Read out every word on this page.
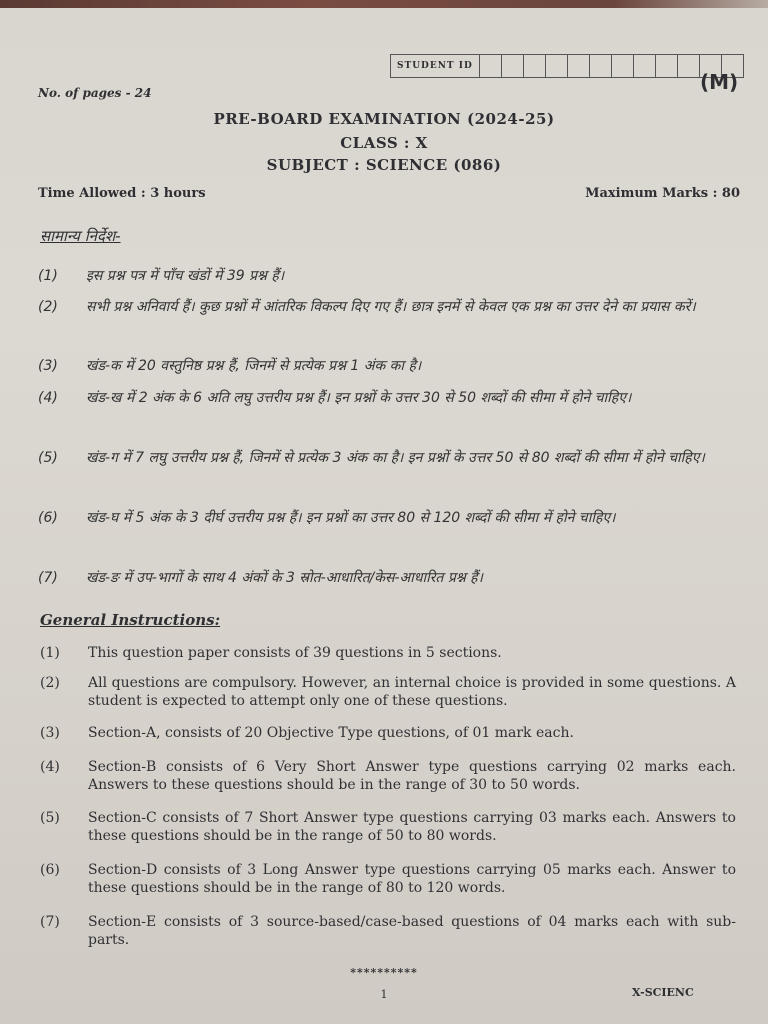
STUDENT ID
No. of pages - 24	(M)
PRE-BOARD EXAMINATION (2024-25)
CLASS : X
SUBJECT : SCIENCE (086)
Time Allowed : 3 hours	Maximum Marks : 80
सामान्य निर्देश-
(1)	इस प्रश्न पत्र में पाँच खंडों में 39 प्रश्न हैं।
(2)	सभी प्रश्न अनिवार्य हैं। कुछ प्रश्नों में आंतरिक विकल्प दिए गए हैं। छात्र इनमें से केवल एक प्रश्न का उत्तर देने का प्रयास करें।
(3)	खंड-क में 20 वस्तुनिष्ठ प्रश्न हैं, जिनमें से प्रत्येक प्रश्न 1 अंक का है।
(4)	खंड-ख में 2 अंक के 6 अति लघु उत्तरीय प्रश्न हैं। इन प्रश्नों के उत्तर 30 से 50 शब्दों की सीमा में होने चाहिए।
(5)	खंड-ग में 7 लघु उत्तरीय प्रश्न हैं, जिनमें से प्रत्येक 3 अंक का है। इन प्रश्नों के उत्तर 50 से 80 शब्दों की सीमा में होने चाहिए।
(6)	खंड-घ में 5 अंक के 3 दीर्घ उत्तरीय प्रश्न हैं। इन प्रश्नों का उत्तर 80 से 120 शब्दों की सीमा में होने चाहिए।
(7)	खंड-ङ में उप-भागों के साथ 4 अंकों के 3 स्रोत-आधारित/केस-आधारित प्रश्न हैं।
General Instructions:
(1)	This question paper consists of 39 questions in 5 sections.
(2)	All questions are compulsory. However, an internal choice is provided in some questions. A student is expected to attempt only one of these questions.
(3)	Section-A, consists of 20 Objective Type questions, of 01 mark each.
(4)	Section-B consists of 6 Very Short Answer type questions carrying 02 marks each. Answers to these questions should be in the range of 30 to 50 words.
(5)	Section-C consists of 7 Short Answer type questions carrying 03 marks each. Answers to these questions should be in the range of 50 to 80 words.
(6)	Section-D consists of 3 Long Answer type questions carrying 05 marks each. Answer to these questions should be in the range of 80 to 120 words.
(7)	Section-E consists of 3 source-based/case-based questions of 04 marks each with sub-parts.
**********
1	X-SCIENC
